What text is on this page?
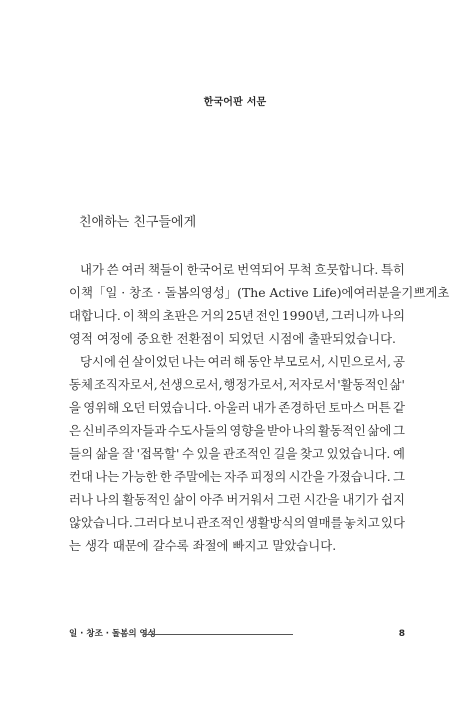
한국어판 서문
친애하는 친구들에게
내가 쓴 여러 책들이 한국어로 번역되어 무척 흐뭇합니다. 특히
이 책 「일 · 창조 · 돌봄의 영성」(The Active Life)에 여러분을 기쁘게 초
대합니다. 이 책의 초판은 거의 25년 전인 1990년, 그러니까 나의
영적 여정에 중요한 전환점이 되었던 시점에 출판되었습니다.
당시에 쉰 살이었던 나는 여러 해 동안 부모로서, 시민으로서, 공
동체 조직자로서, 선생으로서, 행정가로서, 저자로서 '활동적인 삶'
을 영위해 오던 터였습니다. 아울러 내가 존경하던 토마스 머튼 같
은 신비주의자들과 수도사들의 영향을 받아 나의 활동적인 삶에 그
들의 삶을 잘 '접목할' 수 있을 관조적인 길을 찾고 있었습니다. 예
컨대 나는 가능한 한 주말에는 자주 피정의 시간을 가졌습니다. 그
러나 나의 활동적인 삶이 아주 버거워서 그런 시간을 내기가 쉽지
않았습니다. 그러다 보니 관조적인 생활방식의 열매를 놓치고 있다
는 생각 때문에 갈수록 좌절에 빠지고 말았습니다.
일 · 창조 · 돌봄의 영성	8
